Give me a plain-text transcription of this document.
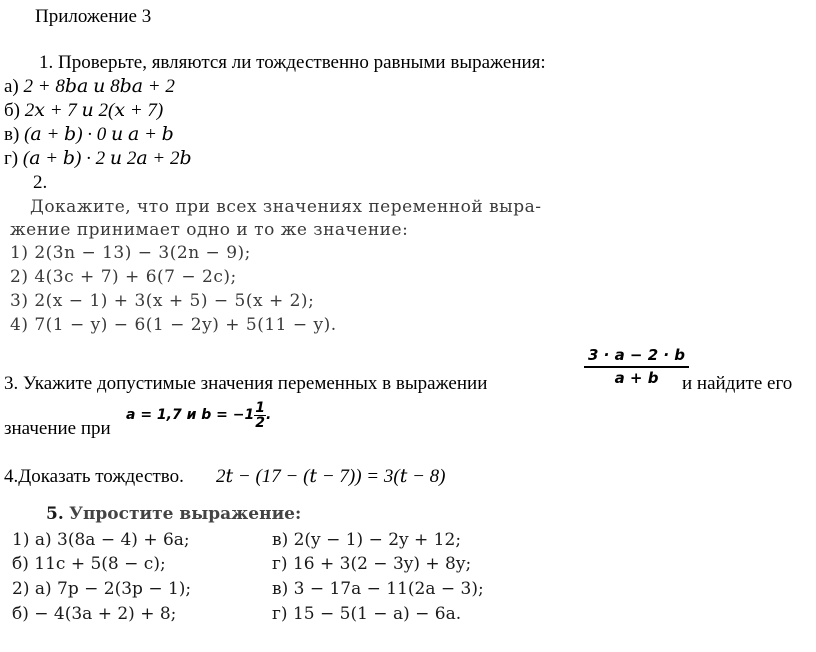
Приложение 3
1. Проверьте, являются ли тождественно равными выражения:
а) 2 + 8𝑏𝑎 𝑢 8𝑏𝑎 + 2
б) 2𝑥 + 7 𝑢 2(𝑥 + 7)
в) (𝑎 + 𝑏) · 0 𝑢 𝑎 + 𝑏
г) (𝑎 + 𝑏) · 2 𝑢 2𝑎 + 2𝑏
2.
Докажите, что при всех значениях переменной выра-
жение принимает одно и то же значение:
1) 2(3n − 13) − 3(2n − 9);
2) 4(3c + 7) + 6(7 − 2c);
3) 2(x − 1) + 3(x + 5) − 5(x + 2);
4) 7(1 − y) − 6(1 − 2y) + 5(11 − y).
3. Укажите допустимые значения переменных в выражении	$\frac{3 \cdot a - 2 \cdot b}{a + b}$
и найдите его
значение при
a = 1,7 и $b = -1 \frac{1}{2}$ .
4.Доказать тождество. 2𝑡 − (17 − (𝑡 − 7)) = 3(𝑡 − 8)
5. Упростите выражение:
1) а) 3(8a − 4) + 6a;
б) 11c + 5(8 − c);
2) а) 7p − 2(3p − 1);
б) − 4(3a + 2) + 8;
в) 2(y − 1) − 2y + 12;
г) 16 + 3(2 − 3y) + 8y;
в) 3 − 17a − 11(2a − 3);
г) 15 − 5(1 − a) − 6a.
